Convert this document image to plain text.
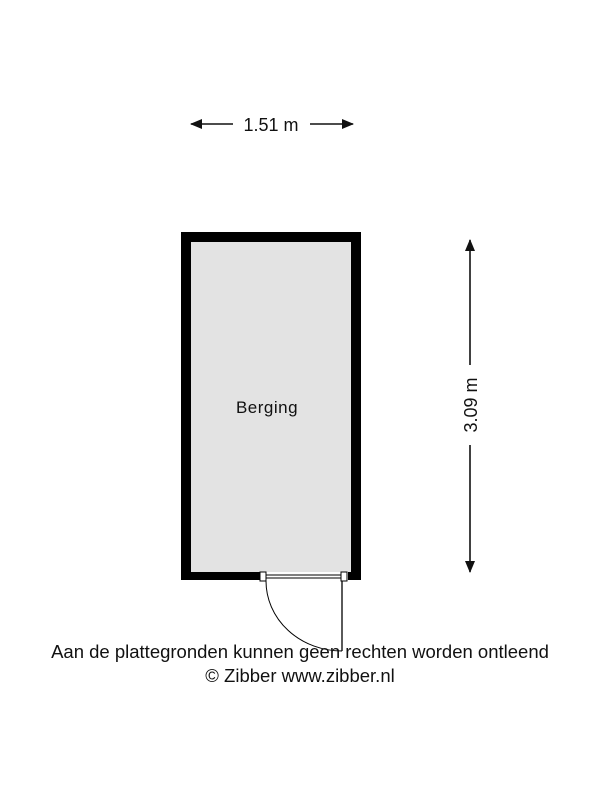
1.51 m
3.09 m
Berging
Aan de plattegronden kunnen geen rechten worden ontleend
© Zibber www.zibber.nl
